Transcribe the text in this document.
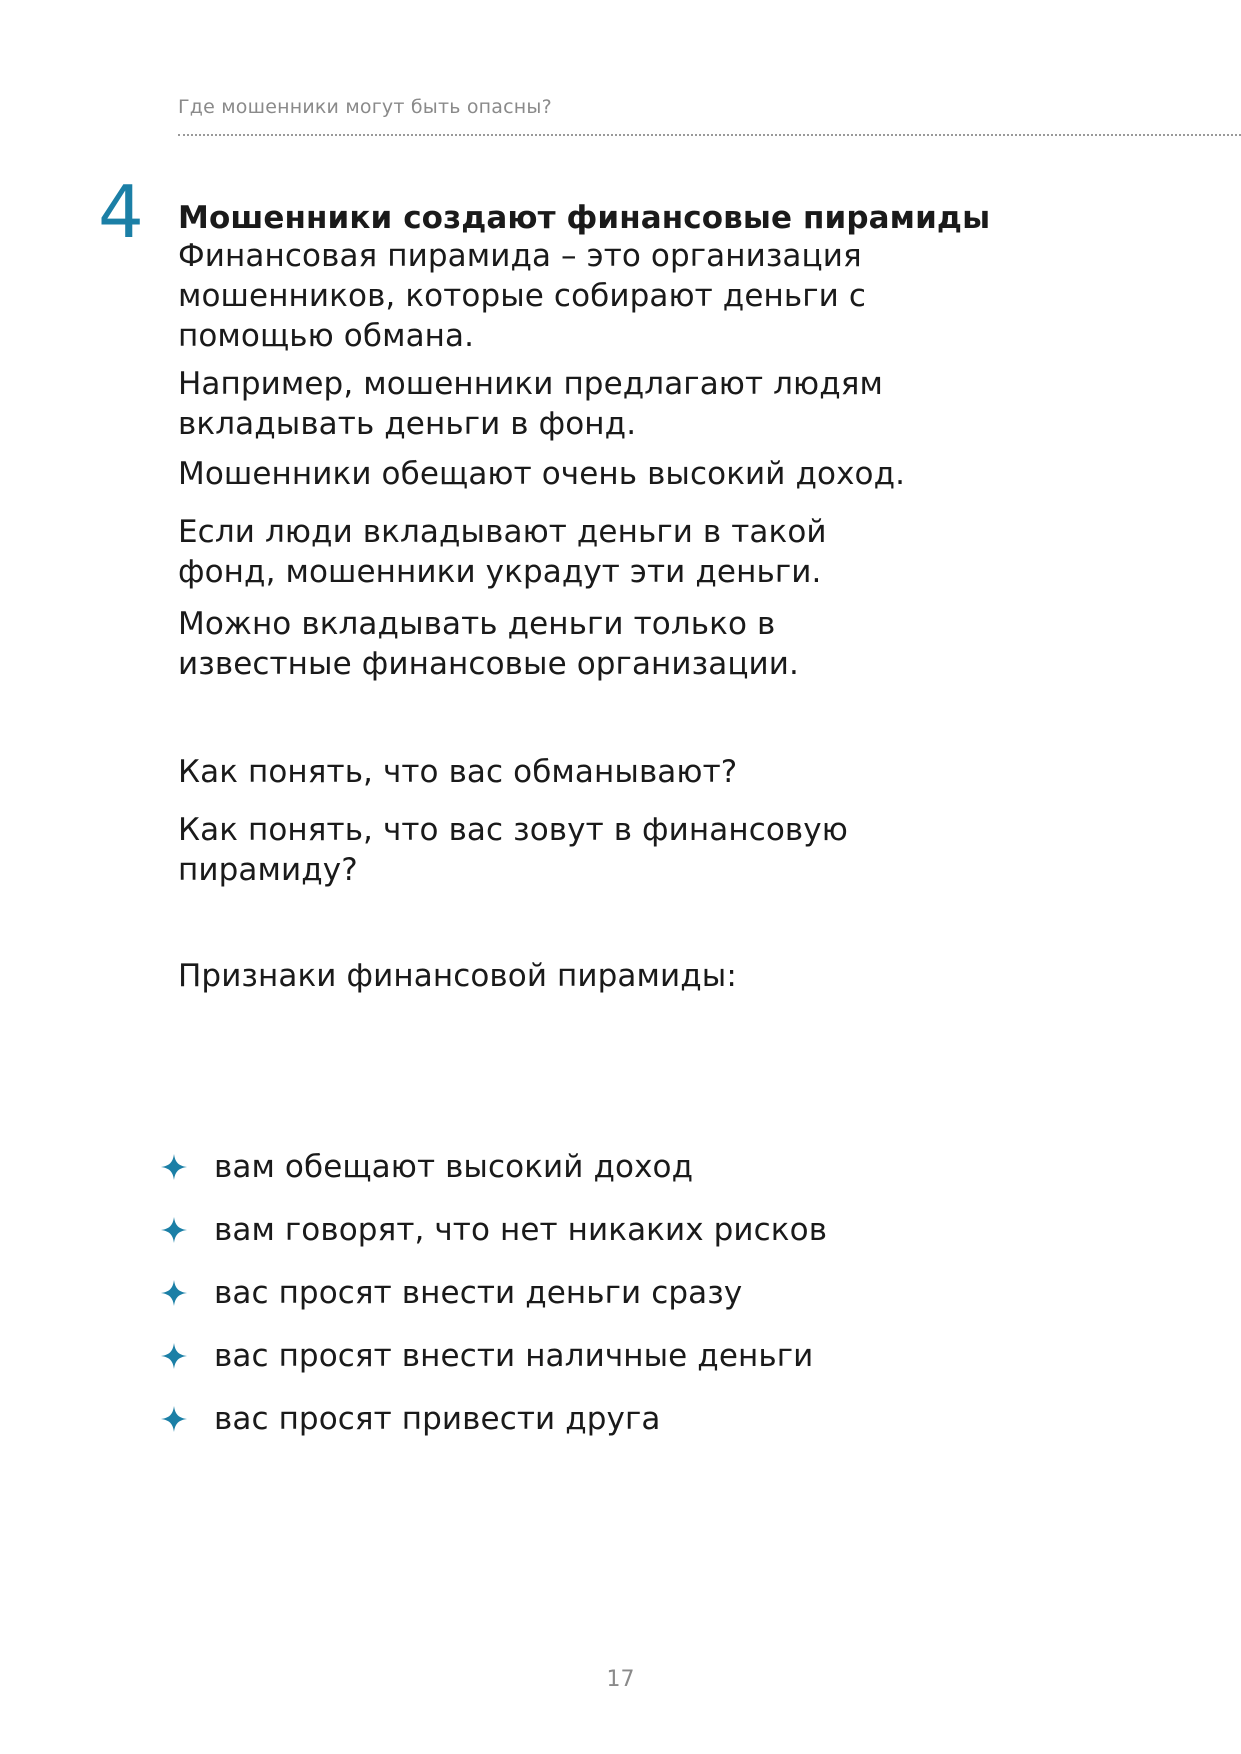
Где мошенники могут быть опасны?
4 Мошенники создают финансовые пирамиды

Финансовая пирамида – это организация мошенников, которые собирают деньги с помощью обмана.

Например, мошенники предлагают людям вкладывать деньги в фонд.

Мошенники обещают очень высокий доход.

Если люди вкладывают деньги в такой фонд, мошенники украдут эти деньги.

Можно вкладывать деньги только в известные финансовые организации.

Как понять, что вас обманывают?

Как понять, что вас зовут в финансовую пирамиду?

Признаки финансовой пирамиды:

вам обещают высокий доход
вам говорят, что нет никаких рисков
вас просят внести деньги сразу
вас просят внести наличные деньги
вас просят привести друга
17
